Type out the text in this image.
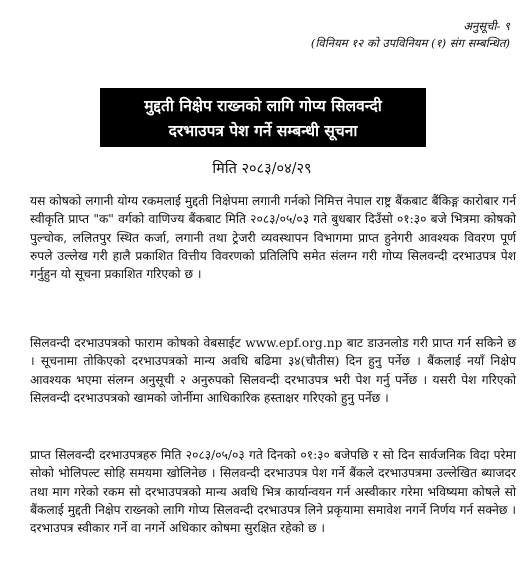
अनुसूची- ९
(विनियम १२ को उपविनियम (१) संग सम्बन्धित)
मुद्दती निक्षेप राख्नको लागि गोप्य सिलवन्दी
दरभाउपत्र पेश गर्ने सम्बन्धी सूचना
मिति २०८३/०४/२९

यस कोषको लगानी योग्य रकमलाई मुद्दती निक्षेपमा लगानी गर्नको निमित्त नेपाल राष्ट्र बैंकबाट बैंकिङ्ग कारोबार गर्न स्वीकृति प्राप्त "क" वर्गको वाणिज्य बैंकबाट मिति २०८३/०५/०३ गते बुधबार दिउँसो ०१:३० बजे भित्रमा कोषको पुल्चोक, ललितपुर स्थित कर्जा, लगानी तथा ट्रेजरी व्यवस्थापन विभागमा प्राप्त हुनेगरी आवश्यक विवरण पूर्ण रुपले उल्लेख गरी हालै प्रकाशित वित्तीय विवरणको प्रतिलिपि समेत संलग्न गरी गोप्य सिलवन्दी दरभाउपत्र पेश गर्नुहुन यो सूचना प्रकाशित गरिएको छ ।

सिलवन्दी दरभाउपत्रको फाराम कोषको वेबसाईट www.epf.org.np बाट डाउनलोड गरी प्राप्त गर्न सकिने छ । सूचनामा तोकिएको दरभाउपत्रको मान्य अवधि बढिमा ३४(चौतीस) दिन हुनु पर्नेछ । बैंकलाई नयाँ निक्षेप आवश्यक भएमा संलग्न अनुसूची २ अनुरुपको सिलवन्दी दरभाउपत्र भरी पेश गर्नु पर्नेछ । यसरी पेश गरिएको सिलवन्दी दरभाउपत्रको खामको जोर्नीमा आधिकारिक हस्ताक्षर गरिएको हुनु पर्नेछ ।

प्राप्त सिलवन्दी दरभाउपत्रहरु मिति २०८३/०५/०३ गते दिनको ०१:३० बजेपछि र सो दिन सार्वजनिक विदा परेमा सोको भोलिपल्ट सोहि समयमा खोलिनेछ । सिलवन्दी दरभाउपत्र पेश गर्ने बैंकले दरभाउपत्रमा उल्लेखित ब्याजदर तथा माग गरेको रकम सो दरभाउपत्रको मान्य अवधि भित्र कार्यान्वयन गर्न अस्वीकार गरेमा भविष्यमा कोषले सो बैंकलाई मुद्दती निक्षेप राख्नको लागि गोप्य सिलवन्दी दरभाउपत्र लिने प्रकृयामा समावेश नगर्ने निर्णय गर्न सक्नेछ । दरभाउपत्र स्वीकार गर्ने वा नगर्ने अधिकार कोषमा सुरक्षित रहेको छ ।
